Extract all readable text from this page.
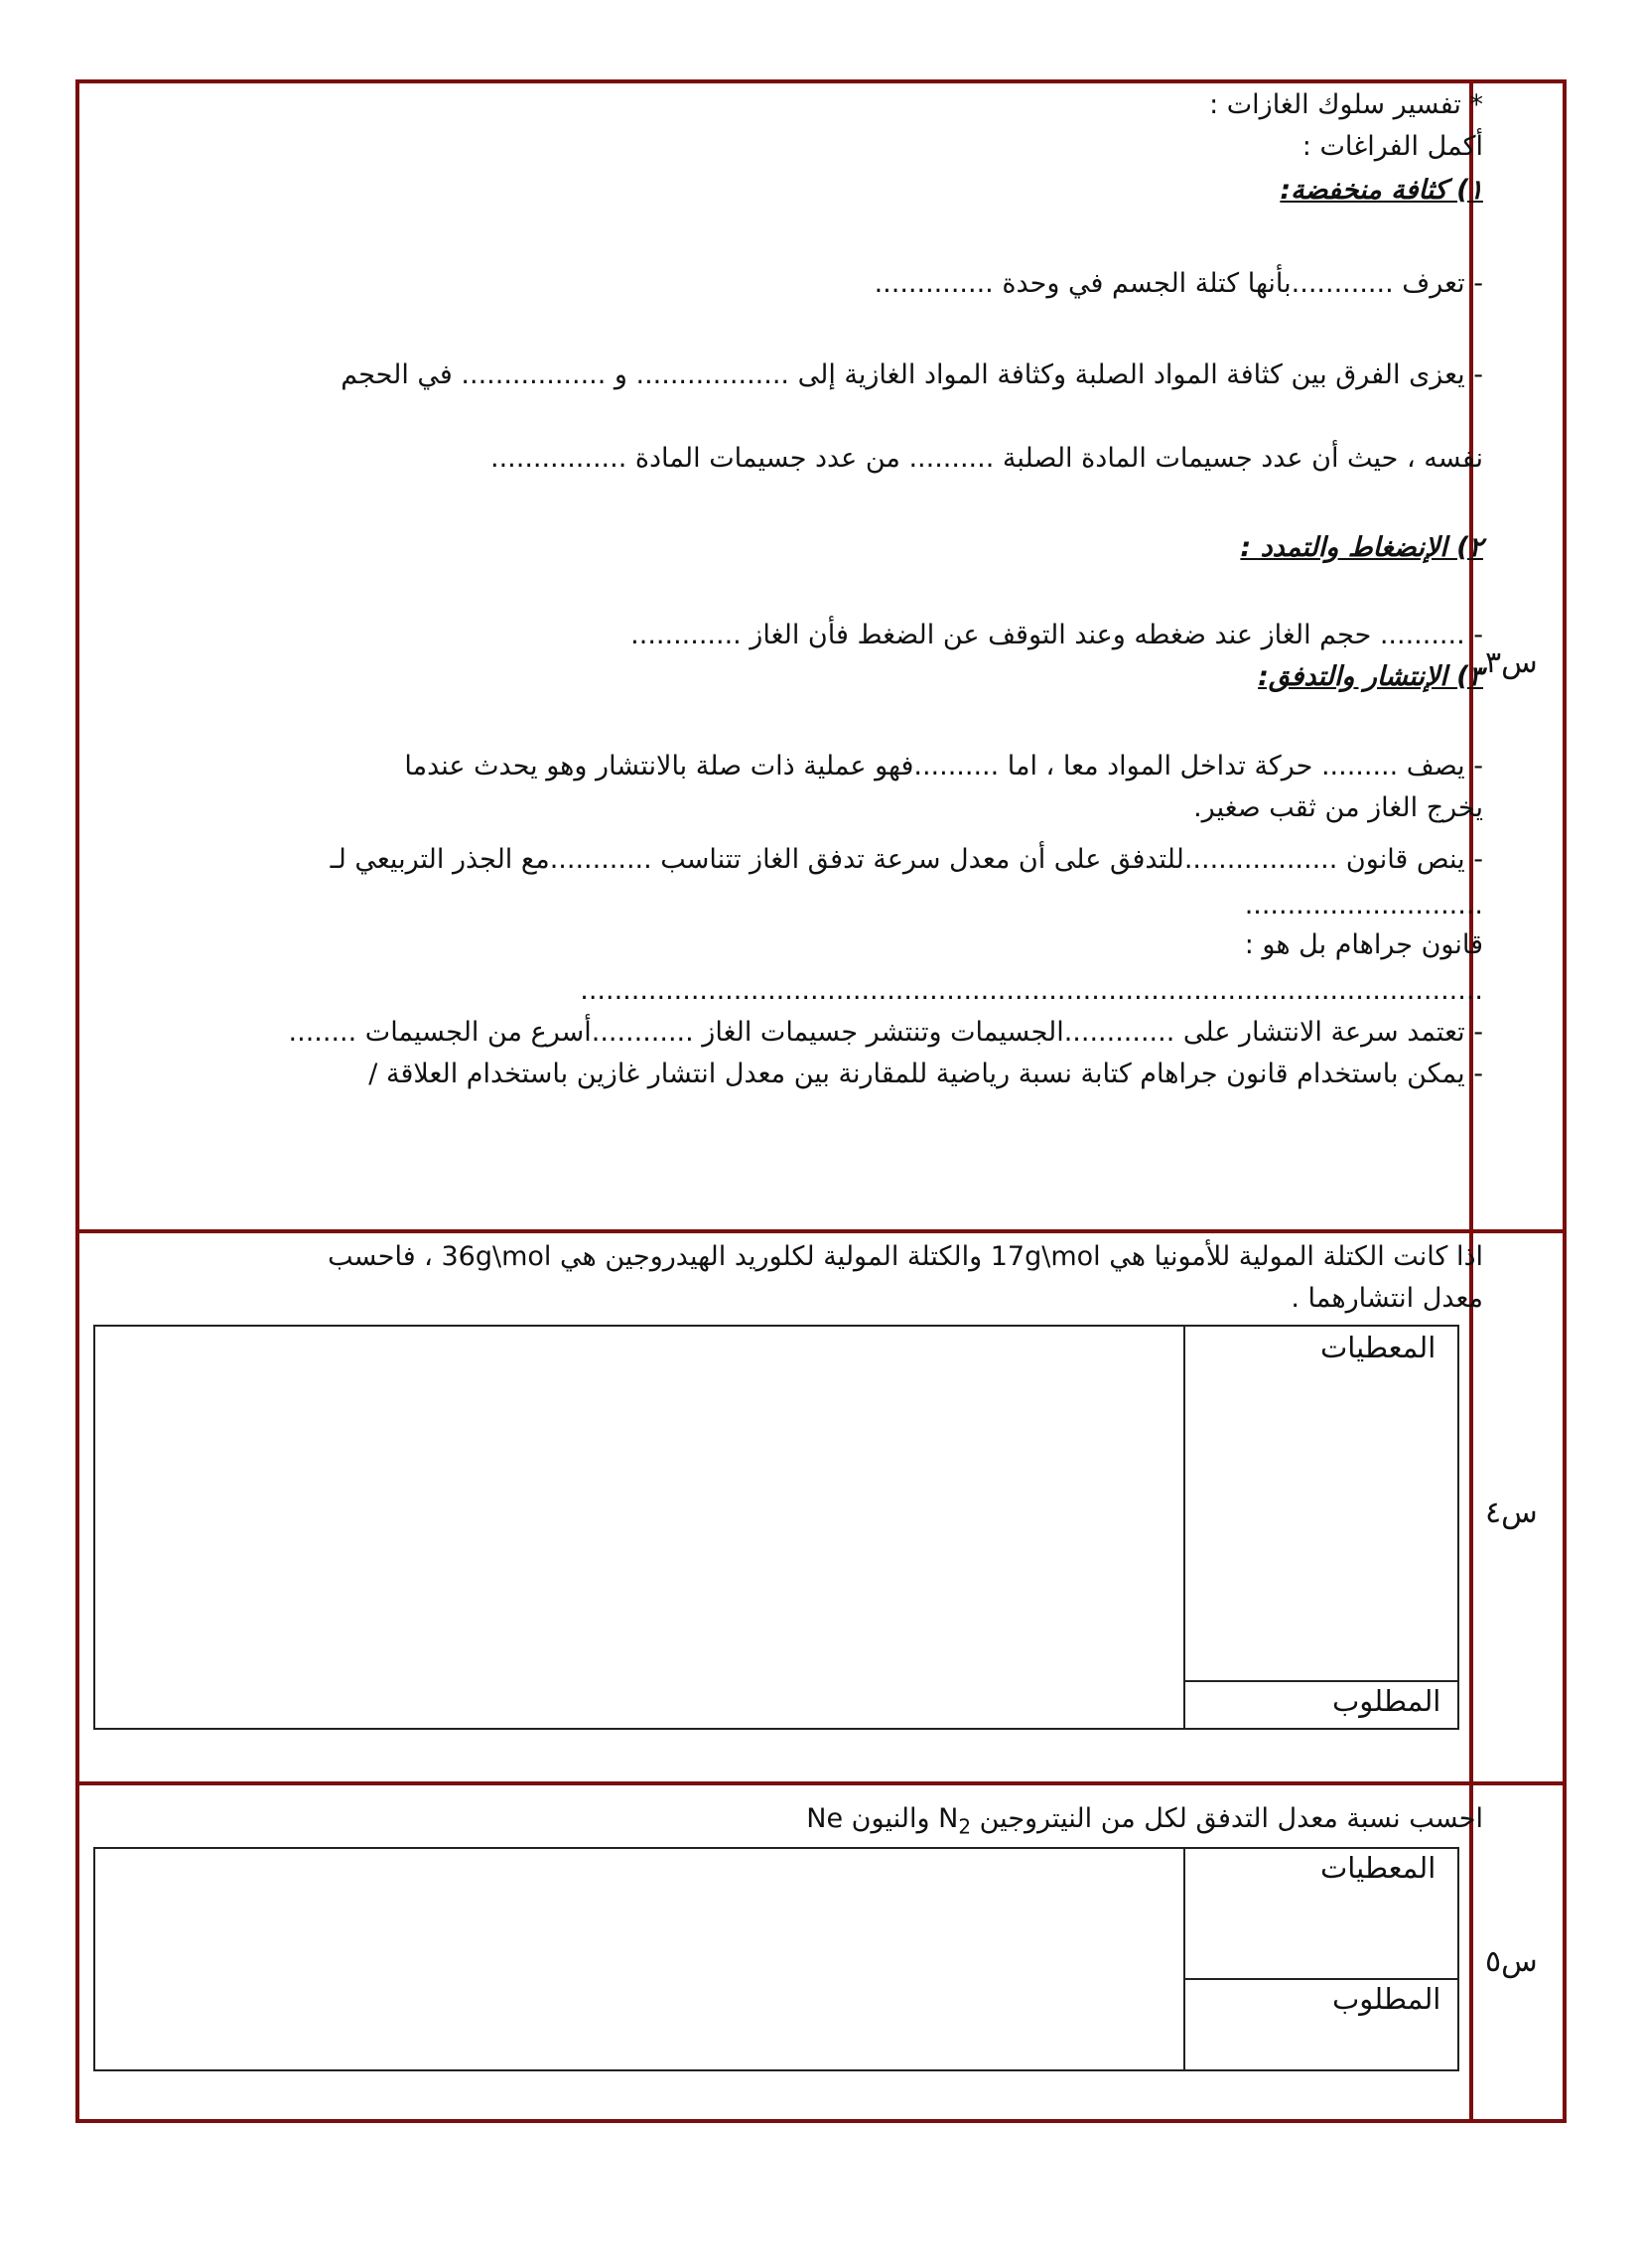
س٣
* تفسير سلوك الغازات :
أكمل الفراغات :
١) كثافة منخفضة:
- تعرف ............بأنها كتلة الجسم في وحدة ..............
- يعزى الفرق بين كثافة المواد الصلبة وكثافة المواد الغازية إلى .................. و ................. في الحجم
نفسه ، حيث أن عدد جسيمات المادة الصلبة .......... من عدد جسيمات المادة ................
٢) الإنضغاط والتمدد :
- .......... حجم الغاز عند ضغطه وعند التوقف عن الضغط فأن الغاز .............
٣) الإنتشار والتدفق:
- يصف ......... حركة تداخل المواد معا ، اما ..........فهو عملية ذات صلة بالانتشار وهو يحدث عندما
يخرج الغاز من ثقب صغير.
- ينص قانون ..................للتدفق على أن معدل سرعة تدفق الغاز تتناسب ............مع الجذر التربيعي لـ
............................
قانون جراهام بل هو :
..........................................................................................................
- تعتمد سرعة الانتشار على .............الجسيمات وتنتشر جسيمات الغاز ............أسرع من الجسيمات ........
- يمكن باستخدام قانون جراهام كتابة نسبة رياضية للمقارنة بين معدل انتشار غازين باستخدام العلاقة /
س٤
اذا كانت الكتلة المولية للأمونيا هي 17g\mol والكتلة المولية لكلوريد الهيدروجين هي 36g\mol ، فاحسب
معدل انتشارهما .
المعطيات
المطلوب
س٥
احسب نسبة معدل التدفق لكل من النيتروجين $N_2$ والنيون Ne
المعطيات
المطلوب
